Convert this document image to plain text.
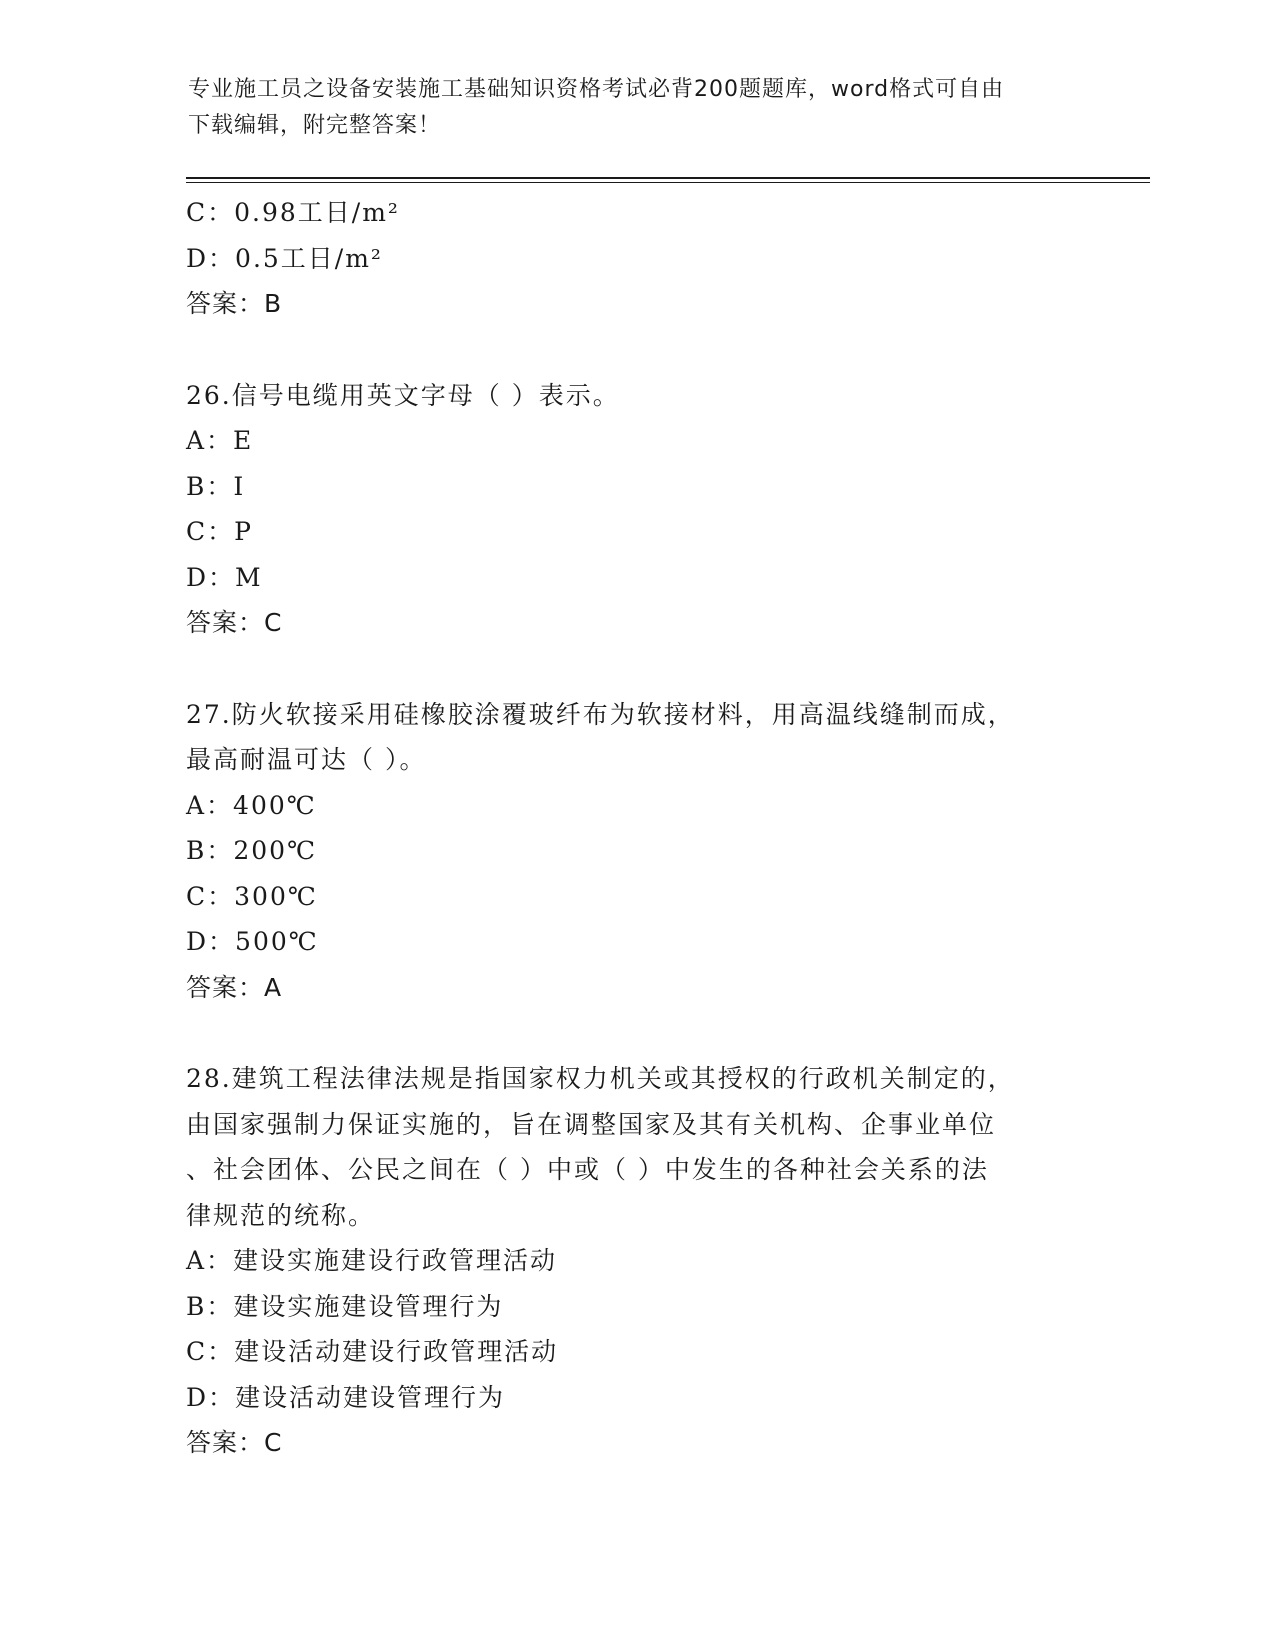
专业施工员之设备安装施工基础知识资格考试必背200题题库，word格式可自由
下载编辑，附完整答案！
C：0.98工日/m²
D：0.5工日/m²
答案：B
26.信号电缆用英文字母（ ）表示。
A：E
B：I
C：P
D：M
答案：C
27.防火软接采用硅橡胶涂覆玻纤布为软接材料，用高温线缝制而成，
最高耐温可达（ ）。
A：400℃
B：200℃
C：300℃
D：500℃
答案：A
28.建筑工程法律法规是指国家权力机关或其授权的行政机关制定的，
由国家强制力保证实施的，旨在调整国家及其有关机构、企事业单位
、社会团体、公民之间在（ ）中或（ ）中发生的各种社会关系的法
律规范的统称。
A：建设实施建设行政管理活动
B：建设实施建设管理行为
C：建设活动建设行政管理活动
D：建设活动建设管理行为
答案：C
